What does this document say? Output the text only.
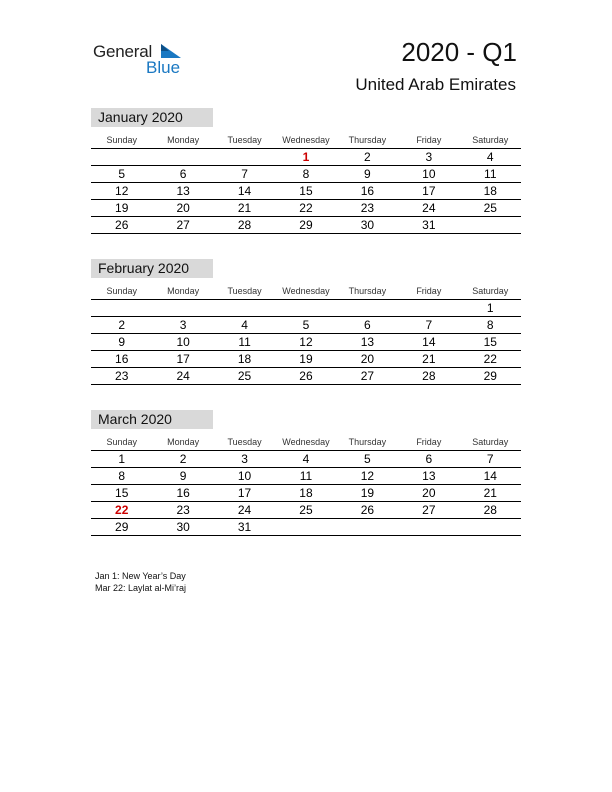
General
Blue
2020 - Q1
United Arab Emirates
January 2020
Sunday	Monday	Tuesday	Wednesday	Thursday	Friday	Saturday
			1	2	3	4
5	6	7	8	9	10	11
12	13	14	15	16	17	18
19	20	21	22	23	24	25
26	27	28	29	30	31	
February 2020
Sunday	Monday	Tuesday	Wednesday	Thursday	Friday	Saturday
						1
2	3	4	5	6	7	8
9	10	11	12	13	14	15
16	17	18	19	20	21	22
23	24	25	26	27	28	29
March 2020
Sunday	Monday	Tuesday	Wednesday	Thursday	Friday	Saturday
1	2	3	4	5	6	7
8	9	10	11	12	13	14
15	16	17	18	19	20	21
22	23	24	25	26	27	28
29	30	31				
Jan 1: New Year’s Day
Mar 22: Laylat al-Mi’raj
